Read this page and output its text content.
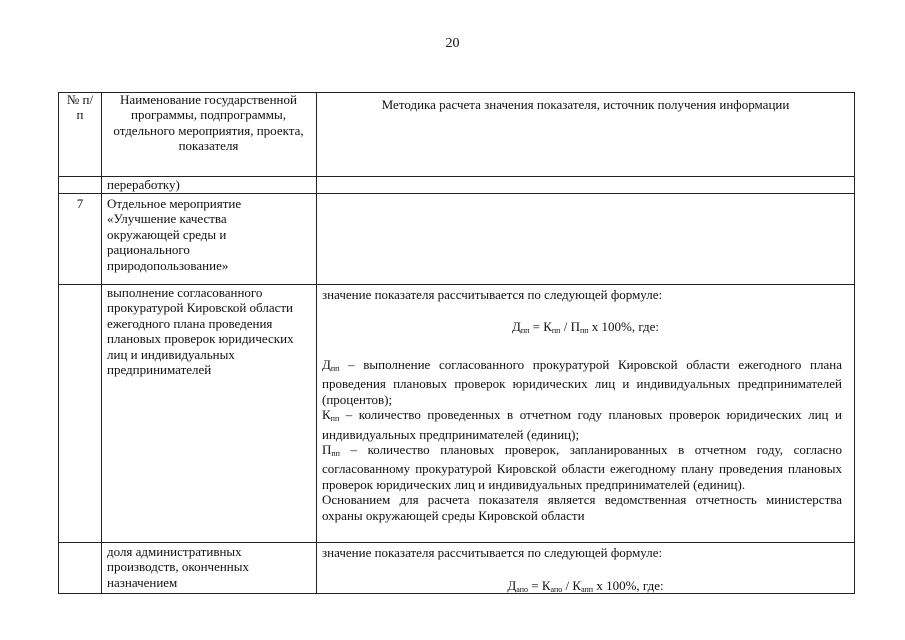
20
№ п/п
Наименование государственной программы, подпрограммы, отдельного мероприятия, проекта, показателя
Методика расчета значения показателя, источник получения информации
переработку)
7	Отдельное мероприятие «Улучшение качества окружающей среды и рационального природопользование»
выполнение согласованного прокуратурой Кировской области ежегодного плана проведения плановых проверок юридических лиц и индивидуальных предпринимателей
значение показателя рассчитывается по следующей формуле:
$Д_{пп} = К_{пп} / П_{пп}$ х 100%, где:

$Д_{пп}$ – выполнение согласованного прокуратурой Кировской области ежегодного плана проведения плановых проверок юридических лиц и индивидуальных предпринимателей (процентов);

$К_{пп}$ – количество проведенных в отчетном году плановых проверок юридических лиц и индивидуальных предпринимателей (единиц);

$П_{пп}$ – количество плановых проверок, запланированных в отчетном году, согласно согласованному прокуратурой Кировской области ежегодному плану проведения плановых проверок юридических лиц и индивидуальных предпринимателей (единиц).

Основанием для расчета показателя является ведомственная отчетность министерства охраны окружающей среды Кировской области

доля административных производств, оконченных назначением
значение показателя рассчитывается по следующей формуле:
$Д_{апо} = К_{апо} / К_{апп}$ х 100%, где:
